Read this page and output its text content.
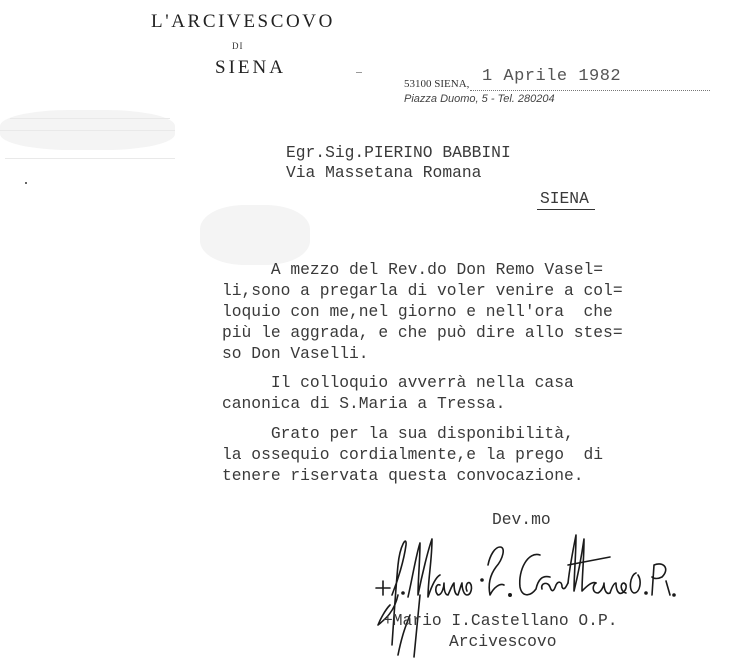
L'ARCIVESCOVO
DI
SIENA

53100 SIENA,

1 Aprile 1982

Piazza Duomo, 5 - Tel. 280204
Egr.Sig.PIERINO BABBINI
Via Massetana Romana
SIENA
A mezzo del Rev.do Don Remo Vasel=
li,sono a pregarla di voler venire a col=
loquio con me,nel giorno e nell'ora  che
più le aggrada, e che può dire allo stes=
so Don Vaselli.
Il colloquio avverrà nella casa
canonica di S.Maria a Tressa.
Grato per la sua disponibilità,
la ossequio cordialmente,e la prego  di
tenere riservata questa convocazione.
Dev.mo
+Mario I.Castellano O.P.
Arcivescovo
